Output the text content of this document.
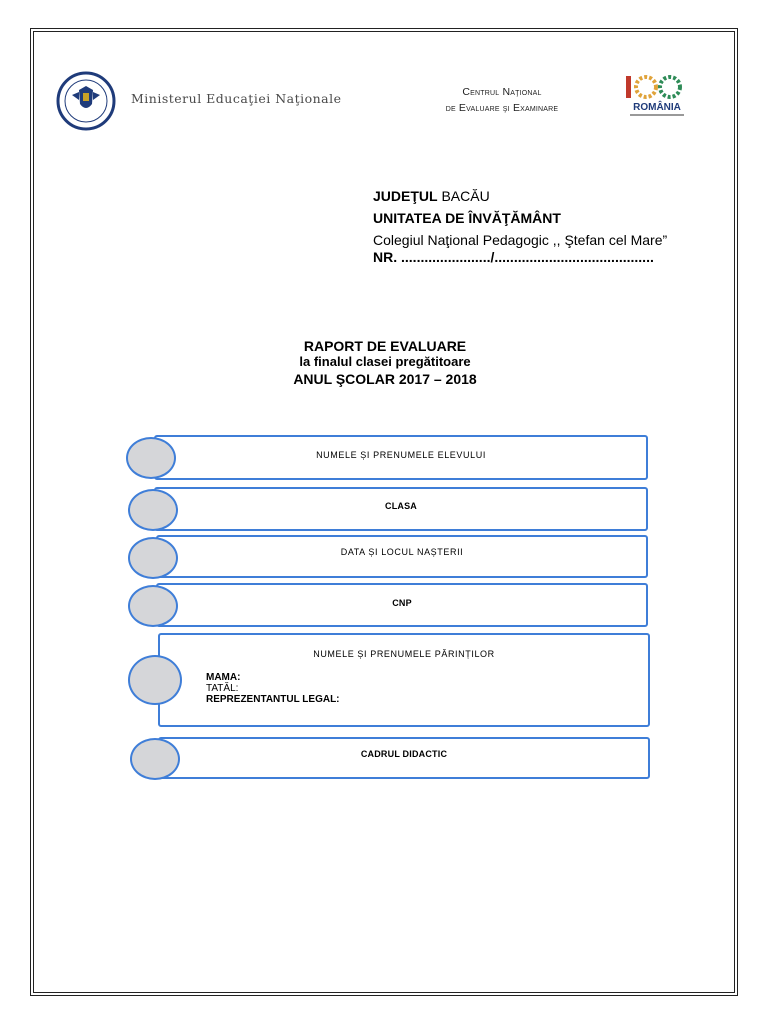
Ministerul Educaţiei Naţionale	Centrul Naţional
de Evaluare şi Examinare	ROMÂNIA
JUDEŢUL BACĂU
UNITATEA DE ÎNVĂŢĂMÂNT
Colegiul Naţional Pedagogic ,, Ştefan cel Mare”
NR. ......................./.........................................
RAPORT DE EVALUARE
la finalul clasei pregătitoare
ANUL ŞCOLAR 2017 – 2018
NUMELE ȘI PRENUMELE ELEVULUI
CLASA
DATA ȘI LOCUL NAȘTERII
CNP
NUMELE ȘI PRENUMELE PĂRINȚILOR
MAMA:
TATĂL:
REPREZENTANTUL LEGAL:
CADRUL DIDACTIC
